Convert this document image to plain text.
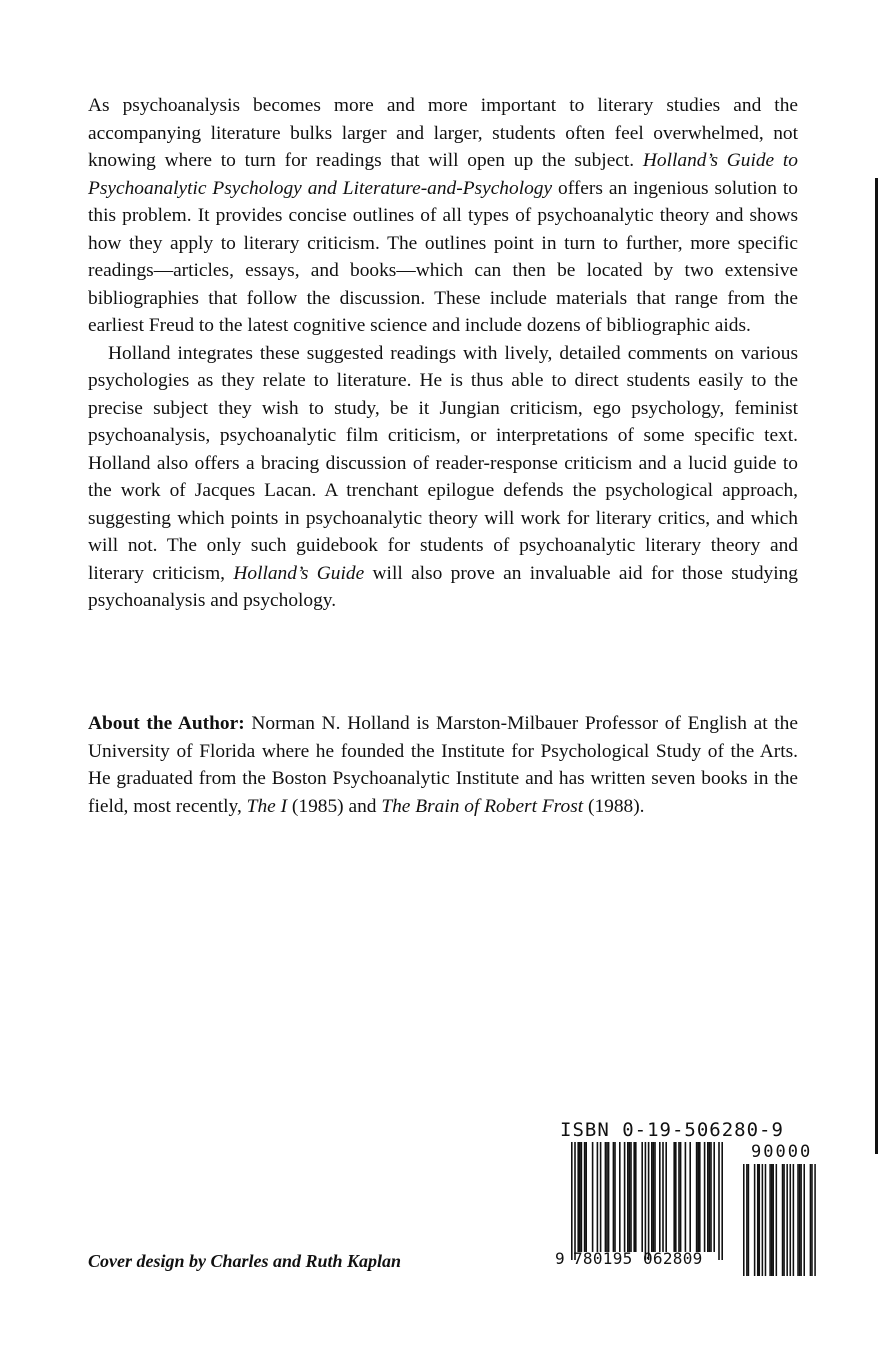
As psychoanalysis becomes more and more important to literary studies and the accompanying literature bulks larger and larger, students often feel overwhelmed, not knowing where to turn for readings that will open up the subject. Holland’s Guide to Psychoanalytic Psychology and Literature-and-Psychology offers an ingenious solution to this problem. It provides concise outlines of all types of psychoanalytic theory and shows how they apply to literary criticism. The outlines point in turn to further, more specific readings—articles, essays, and books—which can then be located by two extensive bibliographies that follow the discussion. These include materials that range from the earliest Freud to the latest cognitive science and include dozens of bibliographic aids.

Holland integrates these suggested readings with lively, detailed comments on various psychologies as they relate to literature. He is thus able to direct students easily to the precise subject they wish to study, be it Jungian criticism, ego psychology, feminist psychoanalysis, psychoanalytic film criticism, or interpretations of some specific text. Holland also offers a bracing discussion of reader-response criticism and a lucid guide to the work of Jacques Lacan. A trenchant epilogue defends the psychological approach, suggesting which points in psychoanalytic theory will work for literary critics, and which will not. The only such guidebook for students of psychoanalytic literary theory and literary criticism, Holland’s Guide will also prove an invaluable aid for those studying psychoanalysis and psychology.

About the Author: Norman N. Holland is Marston-Milbauer Professor of English at the University of Florida where he founded the Institute for Psychological Study of the Arts. He graduated from the Boston Psychoanalytic Institute and has written seven books in the field, most recently, The I (1985) and The Brain of Robert Frost (1988).

Cover design by Charles and Ruth Kaplan

ISBN 0-19-506280-9

90000

9

780195

062809
